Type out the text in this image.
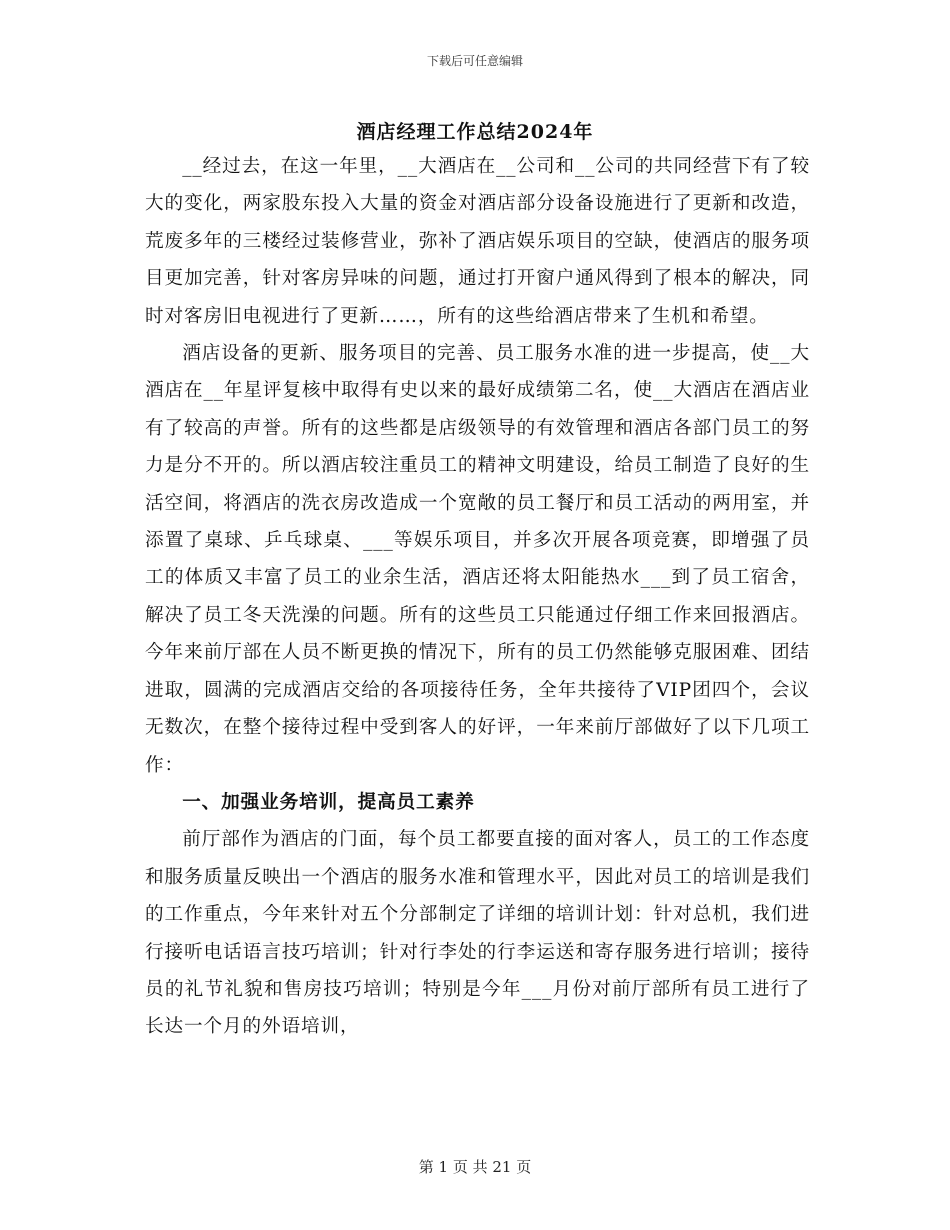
下载后可任意编辑
酒店经理工作总结2024年

__经过去，在这一年里，__大酒店在__公司和__公司的共同经营下有了较大的变化，两家股东投入大量的资金对酒店部分设备设施进行了更新和改造，荒废多年的三楼经过装修营业，弥补了酒店娱乐项目的空缺，使酒店的服务项目更加完善，针对客房异味的问题，通过打开窗户通风得到了根本的解决，同时对客房旧电视进行了更新……，所有的这些给酒店带来了生机和希望。

酒店设备的更新、服务项目的完善、员工服务水准的进一步提高，使__大酒店在__年星评复核中取得有史以来的最好成绩第二名，使__大酒店在酒店业有了较高的声誉。所有的这些都是店级领导的有效管理和酒店各部门员工的努力是分不开的。所以酒店较注重员工的精神文明建设，给员工制造了良好的生活空间，将酒店的洗衣房改造成一个宽敞的员工餐厅和员工活动的两用室，并添置了桌球、乒乓球桌、___等娱乐项目，并多次开展各项竞赛，即增强了员工的体质又丰富了员工的业余生活，酒店还将太阳能热水___到了员工宿舍，解决了员工冬天洗澡的问题。所有的这些员工只能通过仔细工作来回报酒店。今年来前厅部在人员不断更换的情况下，所有的员工仍然能够克服困难、团结进取，圆满的完成酒店交给的各项接待任务，全年共接待了VIP团四个，会议无数次，在整个接待过程中受到客人的好评，一年来前厅部做好了以下几项工作：

一、加强业务培训，提高员工素养

前厅部作为酒店的门面，每个员工都要直接的面对客人，员工的工作态度和服务质量反映出一个酒店的服务水准和管理水平，因此对员工的培训是我们的工作重点，今年来针对五个分部制定了详细的培训计划：针对总机，我们进行接听电话语言技巧培训；针对行李处的行李运送和寄存服务进行培训；接待员的礼节礼貌和售房技巧培训；特别是今年___月份对前厅部所有员工进行了长达一个月的外语培训，

第 1 页 共 21 页
